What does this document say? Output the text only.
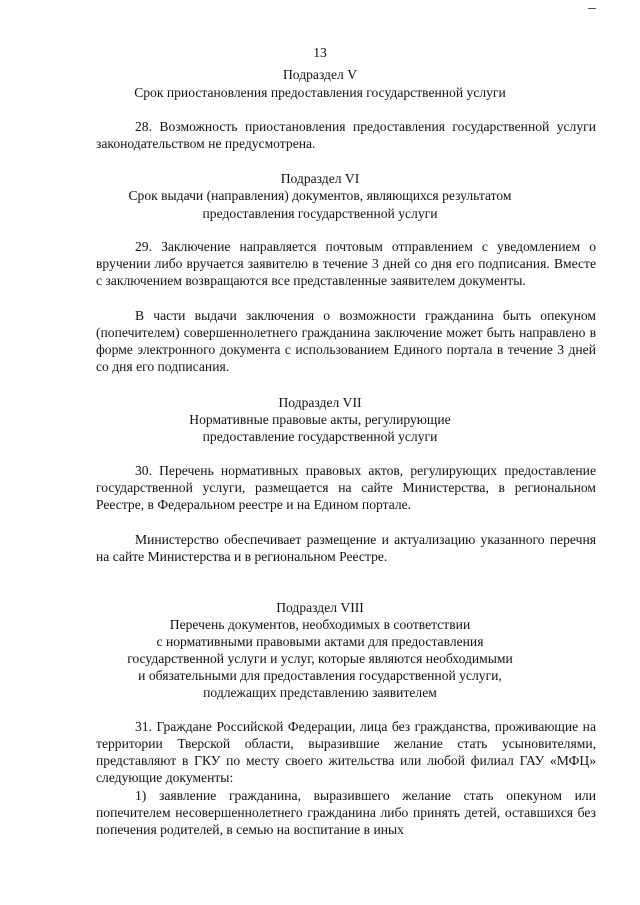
13
Подраздел V
Срок приостановления предоставления государственной услуги
28. Возможность приостановления предоставления государственной услуги законодательством не предусмотрена.
Подраздел VI
Срок выдачи (направления) документов, являющихся результатом
предоставления государственной услуги
29. Заключение направляется почтовым отправлением с уведомлением о вручении либо вручается заявителю в течение 3 дней со дня его подписания. Вместе с заключением возвращаются все представленные заявителем документы.
В части выдачи заключения о возможности гражданина быть опекуном (попечителем) совершеннолетнего гражданина заключение может быть направлено в форме электронного документа с использованием Единого портала в течение 3 дней со дня его подписания.
Подраздел VII
Нормативные правовые акты, регулирующие
предоставление государственной услуги
30. Перечень нормативных правовых актов, регулирующих предоставление государственной услуги, размещается на сайте Министерства, в региональном Реестре, в Федеральном реестре и на Едином портале.
Министерство обеспечивает размещение и актуализацию указанного перечня на сайте Министерства и в региональном Реестре.
Подраздел VIII
Перечень документов, необходимых в соответствии
с нормативными правовыми актами для предоставления
государственной услуги и услуг, которые являются необходимыми
и обязательными для предоставления государственной услуги,
подлежащих представлению заявителем
31. Граждане Российской Федерации, лица без гражданства, проживающие на территории Тверской области, выразившие желание стать усыновителями, представляют в ГКУ по месту своего жительства или любой филиал ГАУ «МФЦ» следующие документы:
1) заявление гражданина, выразившего желание стать опекуном или попечителем несовершеннолетнего гражданина либо принять детей, оставшихся без попечения родителей, в семью на воспитание в иных
